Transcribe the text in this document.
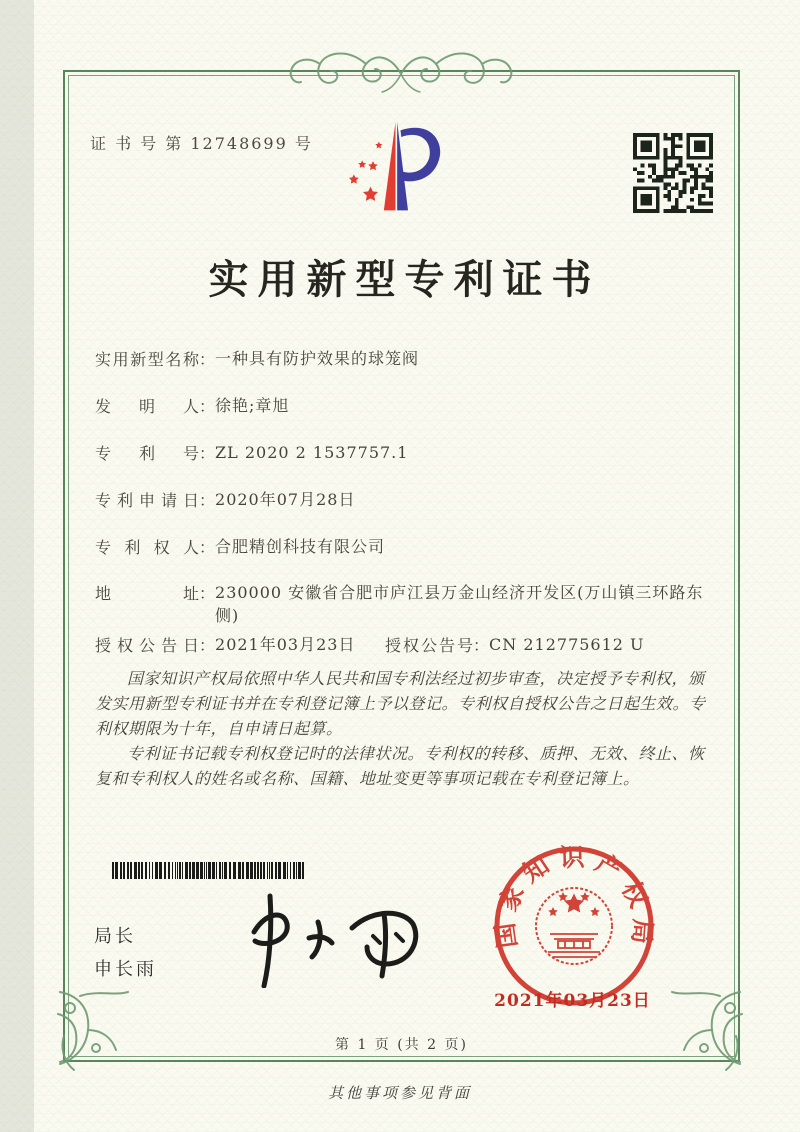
证 书 号 第 12748699 号
实用新型专利证书
实用新型名称：一种具有防护效果的球笼阀
发明人：徐艳;章旭
专利号：ZL 2020 2 1537757.1
专利申请日：2020年07月28日
专利权人：合肥精创科技有限公司
地址：230000 安徽省合肥市庐江县万金山经济开发区(万山镇三环路东侧)
授权公告日：2021年03月23日 授权公告号：CN 212775612 U

国家知识产权局依照中华人民共和国专利法经过初步审查，决定授予专利权，颁发实用新型专利证书并在专利登记簿上予以登记。专利权自授权公告之日起生效。专利权期限为十年，自申请日起算。

专利证书记载专利权登记时的法律状况。专利权的转移、质押、无效、终止、恢复和专利权人的姓名或名称、国籍、地址变更等事项记载在专利登记簿上。

局长
申长雨
国家知识产权局
2021年03月23日
第 1 页 (共 2 页)
其他事项参见背面
